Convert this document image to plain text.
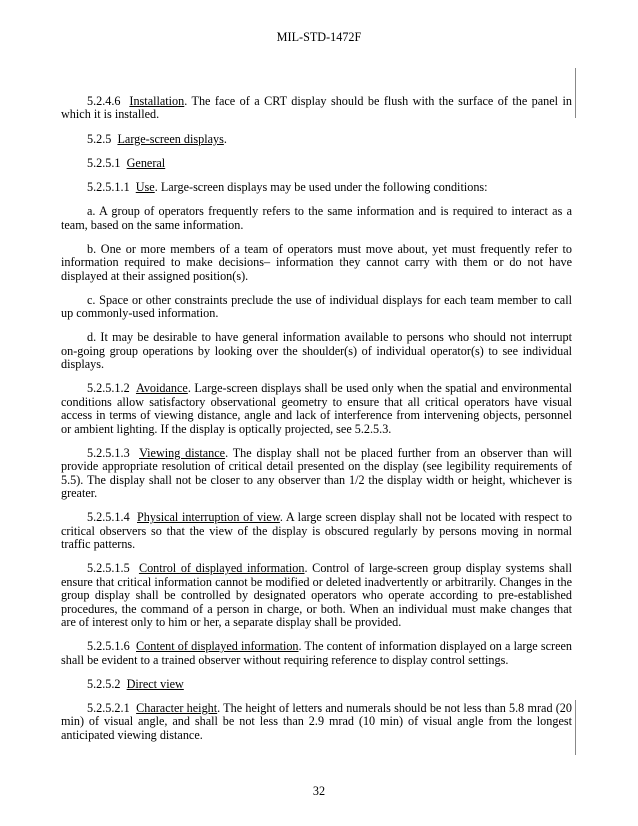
MIL-STD-1472F

5.2.4.6 Installation. The face of a CRT display should be flush with the surface of the panel in which it is installed.

5.2.5 Large-screen displays.

5.2.5.1 General

5.2.5.1.1 Use. Large-screen displays may be used under the following conditions:

a. A group of operators frequently refers to the same information and is required to interact as a team, based on the same information.

b. One or more members of a team of operators must move about, yet must frequently refer to information required to make decisions– information they cannot carry with them or do not have displayed at their assigned position(s).

c. Space or other constraints preclude the use of individual displays for each team member to call up commonly-used information.

d. It may be desirable to have general information available to persons who should not interrupt on-going group operations by looking over the shoulder(s) of individual operator(s) to see individual displays.

5.2.5.1.2 Avoidance. Large-screen displays shall be used only when the spatial and environmental conditions allow satisfactory observational geometry to ensure that all critical operators have visual access in terms of viewing distance, angle and lack of interference from intervening objects, personnel or ambient lighting. If the display is optically projected, see 5.2.5.3.

5.2.5.1.3 Viewing distance. The display shall not be placed further from an observer than will provide appropriate resolution of critical detail presented on the display (see legibility requirements of 5.5). The display shall not be closer to any observer than 1/2 the display width or height, whichever is greater.

5.2.5.1.4 Physical interruption of view. A large screen display shall not be located with respect to critical observers so that the view of the display is obscured regularly by persons moving in normal traffic patterns.

5.2.5.1.5 Control of displayed information. Control of large-screen group display systems shall ensure that critical information cannot be modified or deleted inadvertently or arbitrarily. Changes in the group display shall be controlled by designated operators who operate according to pre-established procedures, the command of a person in charge, or both. When an individual must make changes that are of interest only to him or her, a separate display shall be provided.

5.2.5.1.6 Content of displayed information. The content of information displayed on a large screen shall be evident to a trained observer without requiring reference to display control settings.

5.2.5.2 Direct view

5.2.5.2.1 Character height. The height of letters and numerals should be not less than 5.8 mrad (20 min) of visual angle, and shall be not less than 2.9 mrad (10 min) of visual angle from the longest anticipated viewing distance.

32
